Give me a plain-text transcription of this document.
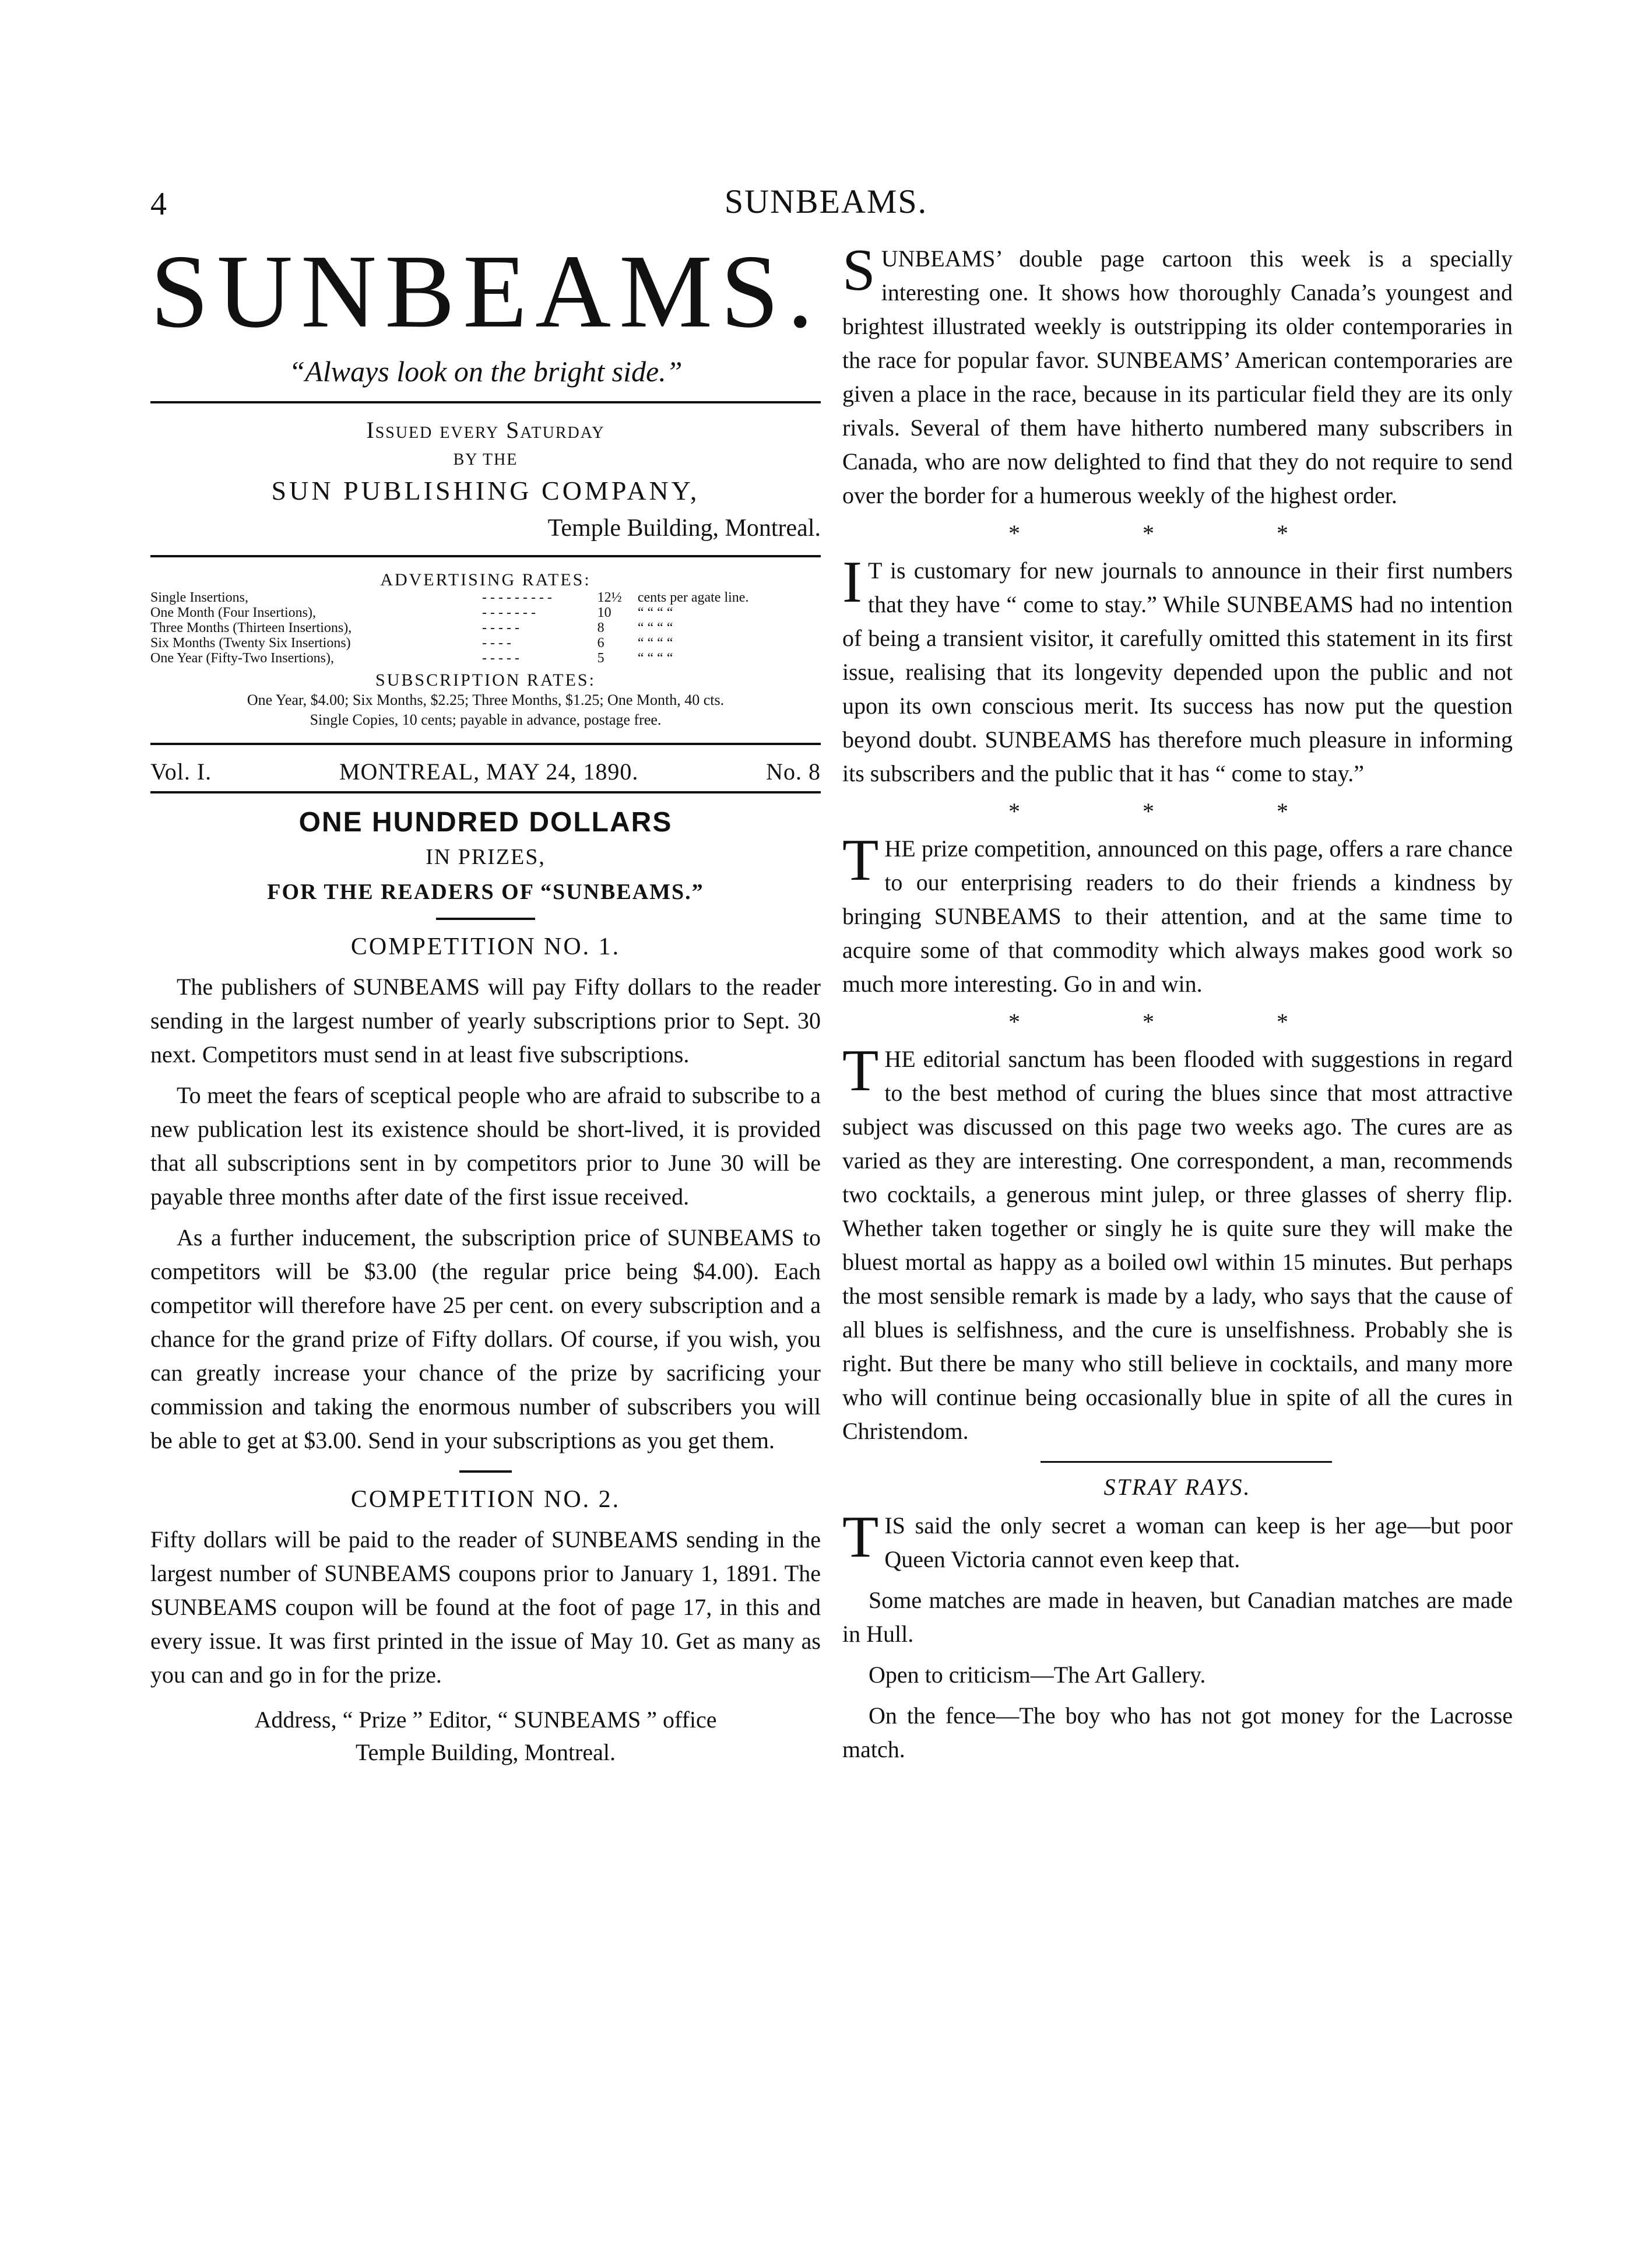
4	SUNBEAMS.
SUNBEAMS.
“Always look on the bright side.”
Issued every Saturday
BY THE
SUN PUBLISHING COMPANY,
Temple Building, Montreal.
ADVERTISING RATES:
Single Insertions,	- - - - - - - - -	12½	cents per agate line.
One Month (Four Insertions),	- - - - - - -	10	“ “ “ “
Three Months (Thirteen Insertions),	- - - - -	8	“ “ “ “
Six Months (Twenty Six Insertions)	- - - -	6	“ “ “ “
One Year (Fifty-Two Insertions),	- - - - -	5	“ “ “ “
SUBSCRIPTION RATES:
One Year, $4.00; Six Months, $2.25; Three Months, $1.25; One Month, 40 cts.
Single Copies, 10 cents; payable in advance, postage free.
Vol. I.	MONTREAL, MAY 24, 1890.	No. 8
ONE HUNDRED DOLLARS
IN PRIZES,
FOR THE READERS OF “SUNBEAMS.”
COMPETITION NO. 1.

The publishers of SUNBEAMS will pay Fifty dollars to the reader sending in the largest number of yearly subscriptions prior to Sept. 30 next. Competitors must send in at least five subscriptions.

To meet the fears of sceptical people who are afraid to subscribe to a new publication lest its existence should be short-lived, it is provided that all subscriptions sent in by competitors prior to June 30 will be payable three months after date of the first issue received.

As a further inducement, the subscription price of SUNBEAMS to competitors will be $3.00 (the regular price being $4.00). Each competitor will therefore have 25 per cent. on every subscription and a chance for the grand prize of Fifty dollars. Of course, if you wish, you can greatly increase your chance of the prize by sacrificing your commission and taking the enormous number of subscribers you will be able to get at $3.00. Send in your subscriptions as you get them.

COMPETITION NO. 2.

Fifty dollars will be paid to the reader of SUNBEAMS sending in the largest number of SUNBEAMS coupons prior to January 1, 1891. The SUNBEAMS coupon will be found at the foot of page 17, in this and every issue. It was first printed in the issue of May 10. Get as many as you can and go in for the prize.

Address, “ Prize ” Editor, “ SUNBEAMS ” office
Temple Building, Montreal.

SUNBEAMS’ double page cartoon this week is a specially interesting one. It shows how thoroughly Canada’s youngest and brightest illustrated weekly is outstripping its older contemporaries in the race for popular favor. SUNBEAMS’ American contemporaries are given a place in the race, because in its particular field they are its only rivals. Several of them have hitherto numbered many subscribers in Canada, who are now delighted to find that they do not require to send over the border for a humerous weekly of the highest order.

* * *

I T is customary for new journals to announce in their first numbers that they have “ come to stay.” While SUNBEAMS had no intention of being a transient visitor, it carefully omitted this statement in its first issue, realising that its longevity depended upon the public and not upon its own conscious merit. Its success has now put the question beyond doubt. SUNBEAMS has therefore much pleasure in informing its subscribers and the public that it has “ come to stay.”

* * *

THE prize competition, announced on this page, offers a rare chance to our enterprising readers to do their friends a kindness by bringing SUNBEAMS to their attention, and at the same time to acquire some of that commodity which always makes good work so much more interesting. Go in and win.

* * *

THE editorial sanctum has been flooded with suggestions in regard to the best method of curing the blues since that most attractive subject was discussed on this page two weeks ago. The cures are as varied as they are interesting. One correspondent, a man, recommends two cocktails, a generous mint julep, or three glasses of sherry flip. Whether taken together or singly he is quite sure they will make the bluest mortal as happy as a boiled owl within 15 minutes. But perhaps the most sensible remark is made by a lady, who says that the cause of all blues is selfishness, and the cure is unselfishness. Probably she is right. But there be many who still believe in cocktails, and many more who will continue being occasionally blue in spite of all the cures in Christendom.

STRAY RAYS.

TIS said the only secret a woman can keep is her age—but poor Queen Victoria cannot even keep that.

Some matches are made in heaven, but Canadian matches are made in Hull.

Open to criticism—The Art Gallery.

On the fence—The boy who has not got money for the Lacrosse match.
